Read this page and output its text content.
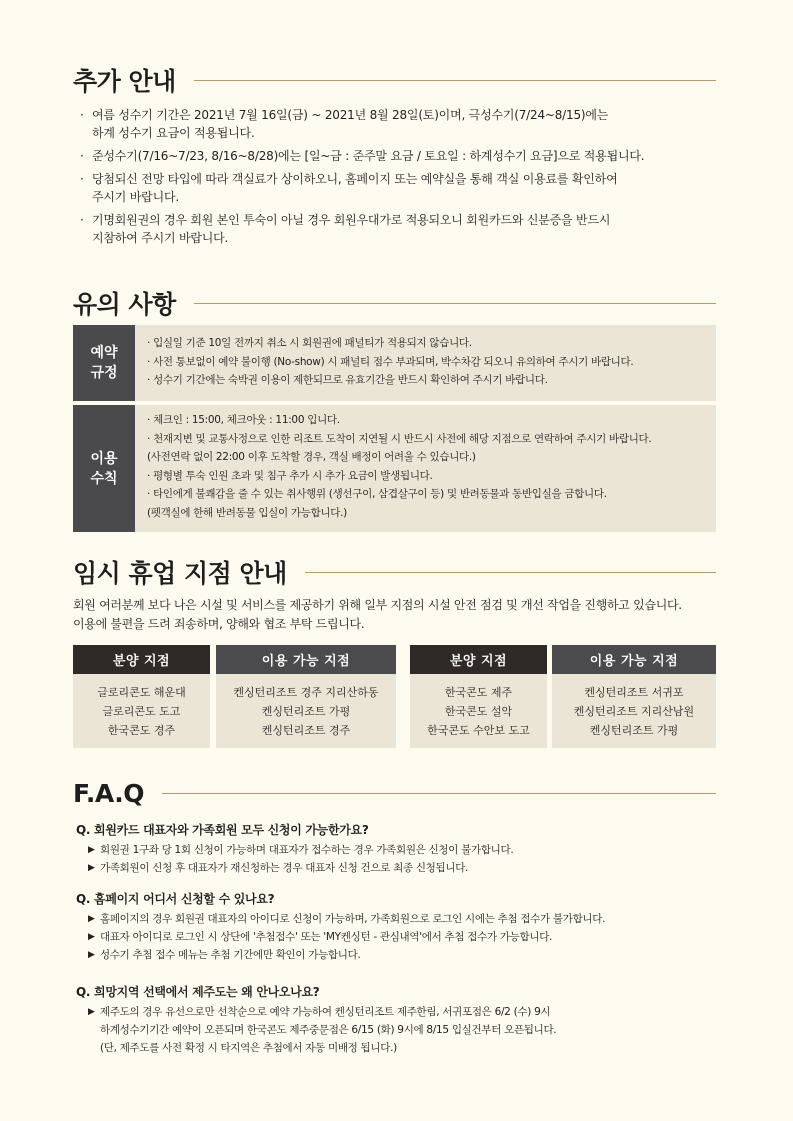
추가 안내
· 여름 성수기 기간은 2021년 7월 16일(금) ~ 2021년 8월 28일(토)이며, 극성수기(7/24~8/15)에는
하계 성수기 요금이 적용됩니다.
· 준성수기(7/16~7/23, 8/16~8/28)에는 [일~금 : 준주말 요금 / 토요일 : 하계성수기 요금]으로 적용됩니다.
· 당첨되신 전망 타입에 따라 객실료가 상이하오니, 홈페이지 또는 예약실을 통해 객실 이용료를 확인하여
주시기 바랍니다.
· 기명회원권의 경우 회원 본인 투숙이 아닐 경우 회원우대가로 적용되오니 회원카드와 신분증을 반드시
지참하여 주시기 바랍니다.
유의 사항
예약
규정
· 입실일 기준 10일 전까지 취소 시 회원권에 패널티가 적용되지 않습니다.
· 사전 통보없이 예약 불이행 (No-show) 시 패널티 점수 부과되며, 박수차감 되오니 유의하여 주시기 바랍니다.
· 성수기 기간에는 숙박권 이용이 제한되므로 유효기간을 반드시 확인하여 주시기 바랍니다.
이용
수칙
· 체크인 : 15:00, 체크아웃 : 11:00 입니다.
· 천재지변 및 교통사정으로 인한 리조트 도착이 지연될 시 반드시 사전에 해당 지점으로 연락하여 주시기 바랍니다.
(사전연락 없이 22:00 이후 도착할 경우, 객실 배정이 어려울 수 있습니다.)
· 평형별 투숙 인원 초과 및 침구 추가 시 추가 요금이 발생됩니다.
· 타인에게 불쾌감을 줄 수 있는 취사행위 (생선구이, 삼겹살구이 등) 및 반려동물과 동반입실을 금합니다.
(펫객실에 한해 반려동물 입실이 가능합니다.)
임시 휴업 지점 안내
회원 여러분께 보다 나은 시설 및 서비스를 제공하기 위해 일부 지점의 시설 안전 점검 및 개선 작업을 진행하고 있습니다.
이용에 불편을 드려 죄송하며, 양해와 협조 부탁 드립니다.
분양 지점
글로리콘도 해운대
글로리콘도 도고
한국콘도 경주
이용 가능 지점
켄싱턴리조트 경주 지리산하동
켄싱턴리조트 가평
켄싱턴리조트 경주
분양 지점
한국콘도 제주
한국콘도 설악
한국콘도 수안보 도고
이용 가능 지점
켄싱턴리조트 서귀포
켄싱턴리조트 지리산남원
켄싱턴리조트 가평
F.A.Q
Q. 회원카드 대표자와 가족회원 모두 신청이 가능한가요?
▶ 회원권 1구좌 당 1회 신청이 가능하며 대표자가 접수하는 경우 가족회원은 신청이 불가합니다.
▶ 가족회원이 신청 후 대표자가 재신청하는 경우 대표자 신청 건으로 최종 신청됩니다.
Q. 홈페이지 어디서 신청할 수 있나요?
▶ 홈페이지의 경우 회원권 대표자의 아이디로 신청이 가능하며, 가족회원으로 로그인 시에는 추첨 접수가 불가합니다.
▶ 대표자 아이디로 로그인 시 상단에 '추첨접수' 또는 'MY켄싱턴 - 관심내역'에서 추첨 접수가 가능합니다.
▶ 성수기 추첨 접수 메뉴는 추첨 기간에만 확인이 가능합니다.
Q. 희망지역 선택에서 제주도는 왜 안나오나요?
▶ 제주도의 경우 유선으로만 선착순으로 예약 가능하여 켄싱턴리조트 제주한림, 서귀포점은 6/2 (수) 9시
하계성수기기간 예약이 오픈되며 한국콘도 제주중문점은 6/15 (화) 9시에 8/15 입실건부터 오픈됩니다.
(단, 제주도를 사전 확정 시 타지역은 추첨에서 자동 미배정 됩니다.)
